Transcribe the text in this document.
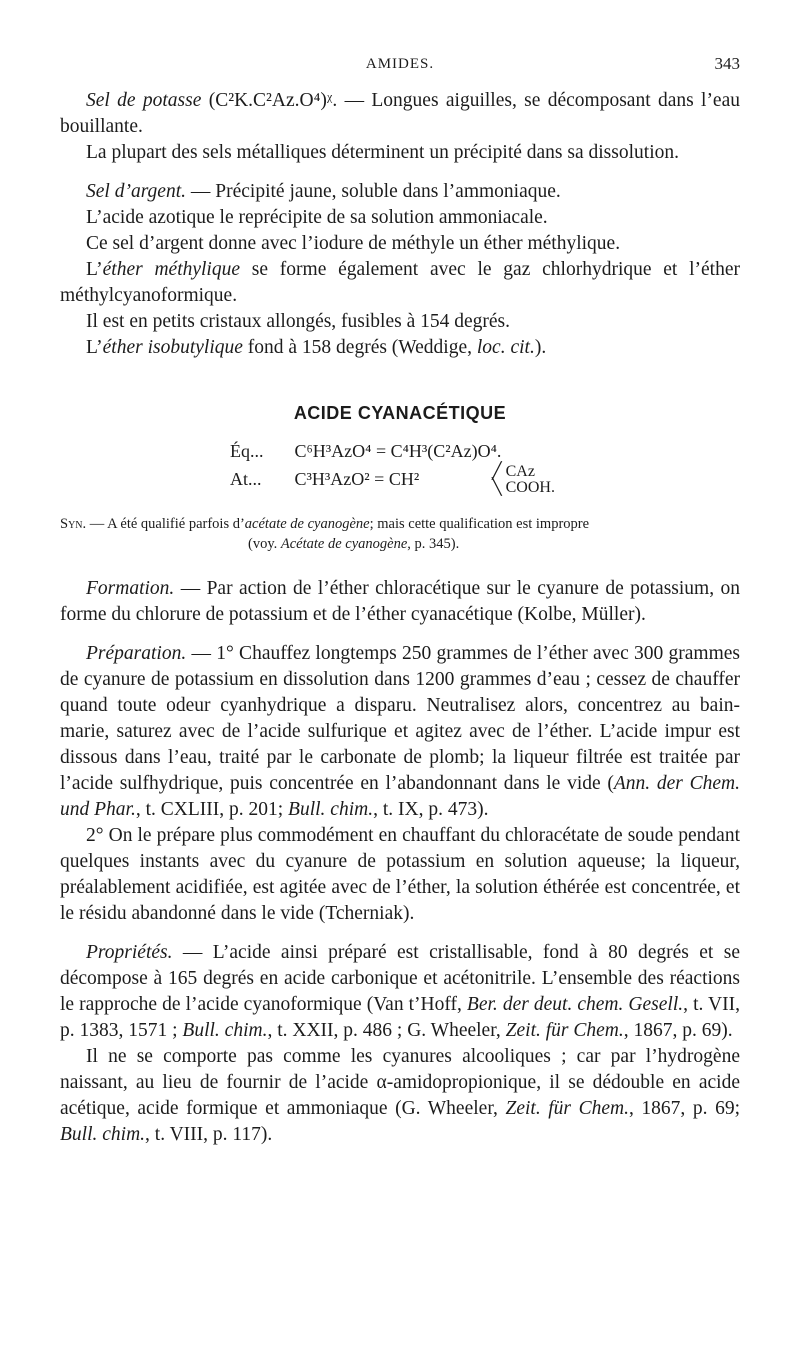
AMIDES.	343

Sel de potasse (C²K.C²Az.O⁴)ᵡ. — Longues aiguilles, se décomposant dans l’eau bouillante.

La plupart des sels métalliques déterminent un précipité dans sa dissolution.

Sel d’argent. — Précipité jaune, soluble dans l’ammoniaque.

L’acide azotique le reprécipite de sa solution ammoniacale.

Ce sel d’argent donne avec l’iodure de méthyle un éther méthylique.

L’éther méthylique se forme également avec le gaz chlorhydrique et l’éther méthylcyanoformique.

Il est en petits cristaux allongés, fusibles à 154 degrés.

L’éther isobutylique fond à 158 degrés (Weddige, loc. cit.).

ACIDE CYANACÉTIQUE
Éq... C⁶H³AzO⁴ = C⁴H³(C²Az)O⁴.
At... C³H³AzO² = CH²	╱ CAz
╲ COOH.

Syn. — A été qualifié parfois d’acétate de cyanogène; mais cette qualification est impropre
(voy. Acétate de cyanogène, p. 345).

Formation. — Par action de l’éther chloracétique sur le cyanure de potassium, on forme du chlorure de potassium et de l’éther cyanacétique (Kolbe, Müller).

Préparation. — 1° Chauffez longtemps 250 grammes de l’éther avec 300 grammes de cyanure de potassium en dissolution dans 1200 grammes d’eau ; cessez de chauffer quand toute odeur cyanhydrique a disparu. Neutralisez alors, concentrez au bain-marie, saturez avec de l’acide sulfurique et agitez avec de l’éther. L’acide impur est dissous dans l’eau, traité par le carbonate de plomb; la liqueur filtrée est traitée par l’acide sulfhydrique, puis concentrée en l’abandonnant dans le vide (Ann. der Chem. und Phar., t. CXLIII, p. 201; Bull. chim., t. IX, p. 473).

2° On le prépare plus commodément en chauffant du chloracétate de soude pendant quelques instants avec du cyanure de potassium en solution aqueuse; la liqueur, préalablement acidifiée, est agitée avec de l’éther, la solution éthérée est concentrée, et le résidu abandonné dans le vide (Tcherniak).

Propriétés. — L’acide ainsi préparé est cristallisable, fond à 80 degrés et se décompose à 165 degrés en acide carbonique et acétonitrile. L’ensemble des réactions le rapproche de l’acide cyanoformique (Van t’Hoff, Ber. der deut. chem. Gesell., t. VII, p. 1383, 1571 ; Bull. chim., t. XXII, p. 486 ; G. Wheeler, Zeit. für Chem., 1867, p. 69).

Il ne se comporte pas comme les cyanures alcooliques ; car par l’hydrogène naissant, au lieu de fournir de l’acide α-amidopropionique, il se dédouble en acide acétique, acide formique et ammoniaque (G. Wheeler, Zeit. für Chem., 1867, p. 69; Bull. chim., t. VIII, p. 117).
